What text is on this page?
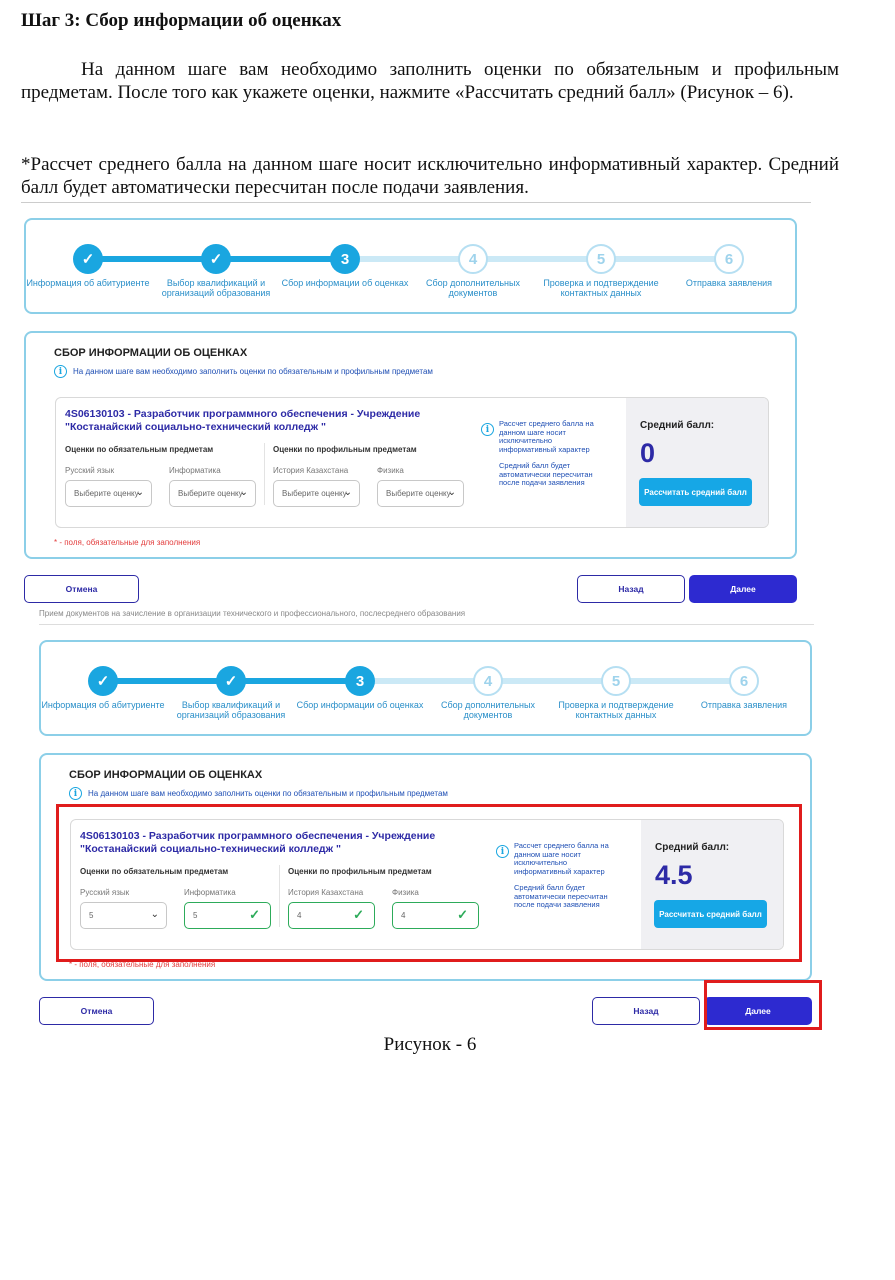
Шаг 3: Сбор информации об оценках
На данном шаге вам необходимо заполнить оценки по обязательным и профильным предметам. После того как укажете оценки, нажмите «Рассчитать средний балл» (Рисунок – 6).
*Рассчет среднего балла на данном шаге носит исключительно информативный характер. Средний балл будет автоматически пересчитан после подачи заявления.
✓
Информация об абитуриенте
✓
Выбор квалификаций и организаций образования
3
Сбор информации об оценках
4
Сбор дополнительных документов
5
Проверка и подтверждение контактных данных
6
Отправка заявления
СБОР ИНФОРМАЦИИ ОБ ОЦЕНКАХ
i	На данном шаге вам необходимо заполнить оценки по обязательным и профильным предметам
4S06130103 - Разработчик программного обеспечения - Учреждение "Костанайский социально-технический колледж "
Оценки по обязательным предметам	Оценки по профильным предметам
Русский язык	Информатика	История Казахстана	Физика
Выберите оценку
⌄	Выберите оценку
⌄	Выберите оценку
⌄	Выберите оценку
⌄
i
Рассчет среднего балла на данном шаге носит исключительно информативный характер
Средний балл будет автоматически пересчитан после подачи заявления
Средний балл:
0
Рассчитать средний балл
* - поля, обязательные для заполнения
Отмена	Назад	Далее
Прием документов на зачисление в организации технического и профессионального, послесреднего образования
✓
Информация об абитуриенте
✓
Выбор квалификаций и организаций образования
3
Сбор информации об оценках
4
Сбор дополнительных документов
5
Проверка и подтверждение контактных данных
6
Отправка заявления
СБОР ИНФОРМАЦИИ ОБ ОЦЕНКАХ
i	На данном шаге вам необходимо заполнить оценки по обязательным и профильным предметам
4S06130103 - Разработчик программного обеспечения - Учреждение "Костанайский социально-технический колледж "
Оценки по обязательным предметам	Оценки по профильным предметам
Русский язык	Информатика	История Казахстана	Физика
5	⌄	5	✓	4	✓	4	✓
i
Рассчет среднего балла на данном шаге носит исключительно информативный характер
Средний балл будет автоматически пересчитан после подачи заявления
Средний балл:
4.5
Рассчитать средний балл
* - поля, обязательные для заполнения
Отмена	Назад	Далее
Рисунок - 6
